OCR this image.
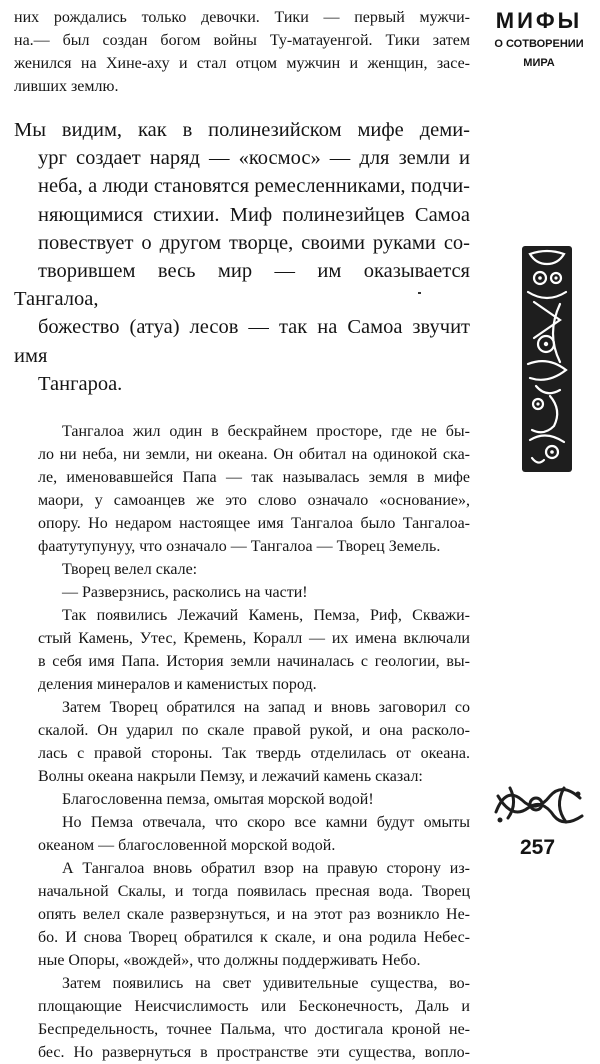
них рождались только девочки. Тики — первый мужчи-
на.— был создан богом войны Ту-матауенгой. Тики затем
женился на Хине-аху и стал отцом мужчин и женщин, засе-
ливших землю.

Мы видим, как в полинезийском мифе деми-
ург создает наряд — «космос» — для земли и
неба, а люди становятся ремесленниками, подчи-
няющимися стихии. Миф полинезийцев Самоа
повествует о другом творце, своими руками со-
творившем весь мир — им оказывается Тангалоа,
божество (атуа) лесов — так на Самоа звучит имя
Тангароа.

Тангалоа жил один в бескрайнем просторе, где не бы-
ло ни неба, ни земли, ни океана. Он обитал на одинокой ска-
ле, именовавшейся Папа — так называлась земля в мифе
маори, у самоанцев же это слово означало «основание»,
опору. Но недаром настоящее имя Тангалоа было Тангалоа-
фаатутупунуу, что означало — Тангалоа — Творец Земель.

Творец велел скале:

— Разверзнись, расколись на части!

Так появились Лежачий Камень, Пемза, Риф, Скважи-
стый Камень, Утес, Кремень, Коралл — их имена включали
в себя имя Папа. История земли начиналась с геологии, вы-
деления минералов и каменистых пород.

Затем Творец обратился на запад и вновь заговорил со
скалой. Он ударил по скале правой рукой, и она расколо-
лась с правой стороны. Так твердь отделилась от океана.
Волны океана накрыли Пемзу, и лежачий камень сказал:

Благословенна пемза, омытая морской водой!

Но Пемза отвечала, что скоро все камни будут омыты
океаном — благословенной морской водой.

А Тангалоа вновь обратил взор на правую сторону из-
начальной Скалы, и тогда появилась пресная вода. Творец
опять велел скале разверзнуться, и на этот раз возникло Не-
бо. И снова Творец обратился к скале, и она родила Небес-
ные Опоры, «вождей», что должны поддерживать Небо.

Затем появились на свет удивительные существа, во-
площающие Неисчислимость или Бесконечность, Даль и
Беспредельность, точнее Пальма, что достигала кроной не-
бес. Но развернуться в пространстве эти существа, вопло-

МИФЫ
О СОТВОРЕНИИ
МИРА
257
